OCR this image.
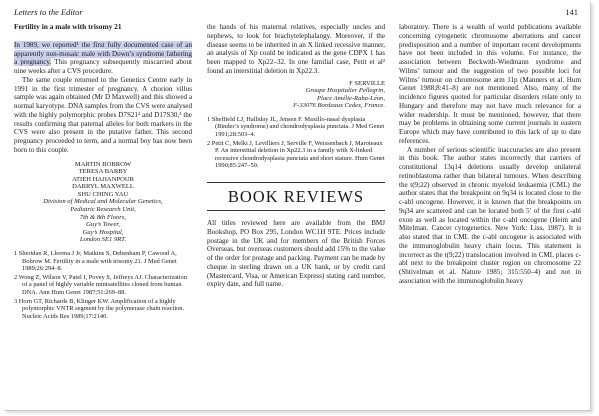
Letters to the Editor	141

Fertility in a male with trisomy 21

In 1989, we reported¹ the first fully documented case of an apparently non-mosaic male with Down’s syndrome fathering a pregnancy. This pregnancy subsequently miscarried about nine weeks after a CVS procedure.

The same couple returned to the Genetics Centre early in 1991 in the first trimester of pregnancy. A chorion villus sample was again obtained (Mr D Maxwell) and this showed a normal karyotype. DNA samples from the CVS were analysed with the highly polymorphic probes D7S21² and D17S30,³ the results confirming that paternal alleles for both markers in the CVS were also present in the putative father. This second pregnancy proceeded to term, and a normal boy has now been born to this couple.

MARTIN BOBROW
TERESA BARBY
ATIEH HAJIANPOUR
DARRYL MAXWELL
SHU CHING YAU
Division of Medical and Molecular Genetics,
Pediatric Research Unit,
7th & 8th Floors,
Guy’s Tower,
Guy’s Hospital,
London SE1 9RT.

1 Sheridan R, Llerena J Jr, Matkins S, Debenham P, Cawood A, Bobrow M. Fertility in a male with trisomy 21. J Med Genet 1989;26:294–8.

2 Wong Z, Wilson V, Patel I, Povey S, Jeffreys AJ. Characterization of a panel of highly variable minisatellites cloned from human DNA. Ann Hum Genet 1987;51:269–88.

3 Horn GT, Richards B, Klinger KW. Amplification of a highly polymorphic VNTR segment by the polymerase chain reaction. Nucleic Acids Res 1989;17:2140.

the hands of his maternal relatives, especially uncles and nephews, to look for brachytelephalangy. Moreover, if the disease seems to be inherited in an X linked recessive manner, an analysis of Xp could be indicated as the gene CDPX 1 has been mapped to Xp22–32. In one familial case, Petit et al² found an interstitial deletion in Xp22.3.

F SERVILLE
Groupe Hospitalier Pellegrin,
Place Amélie-Raba-Léon,
F-33076 Bordeaux Cedex, France.

1 Sheffield LJ, Halliday JL, Jensen F. Maxillo-nasal dysplasia (Binder’s syndrome) and chondrodysplasia punctata. J Med Genet 1991;28:503–4.

2 Petit C, Melki J, Levilliers J, Serville F, Weissenbach J, Maroteaux P. An interstitial deletion in Xp22.3 in a family with X-linked recessive chondrodysplasia punctata and short stature. Hum Genet 1990;85:247–50.

BOOK REVIEWS

All titles reviewed here are available from the BMJ Bookshop, PO Box 295, London WC1H 9TE. Prices include postage in the UK and for members of the British Forces Overseas, but overseas customers should add 15% to the value of the order for postage and packing. Payment can be made by cheque in sterling drawn on a UK bank, or by credit card (Mastercard, Visa, or American Express) stating card number, expiry date, and full name.

laboratory. There is a wealth of world publications available concerning cytogenetic chromosome aberrations and cancer predisposition and a number of important recent developments have not been included in this volume. For instance, the association between Beckwith-Wiedmann syndrome and Wilms’ tumour and the suggestion of two possible loci for Wilms’ tumour on chromosome arm 11p (Manners et al. Hum Genet 1988;8:41–8) are not mentioned. Also, many of the incidence figures quoted for particular disorders relate only to Hungary and therefore may not have much relevance for a wider readership. It must be mentioned, however, that there may be problems in obtaining some current journals in eastern Europe which may have contributed to this lack of up to date references.

A number of serious scientific inaccuracies are also present in this book. The author states incorrectly that carriers of constitutional 13q14 deletions usually develop unilateral retinoblastoma rather than bilateral tumours. When describing the t(9;22) observed in chronic myeloid leukaemia (CML) the author states that the breakpoint on 9q34 is located close to the c-abl oncogene. However, it is known that the breakpoints on 9q34 are scattered and can be located both 5′ of the first c-abl exon as well as located within the c-abl oncogene (Heim and Mitelman. Cancer cytogenetics. New York: Liss, 1987). It is also stated that in CML the c-abl oncogene is associated with the immunoglobulin heavy chain locus. This statement is incorrect as the t(9;22) translocation involved in CML places c-abl next to the breakpoint cluster region on chromosome 22 (Shtivelman et al. Nature 1985; 315:550–4) and not in association with the immunoglobulin heavy
